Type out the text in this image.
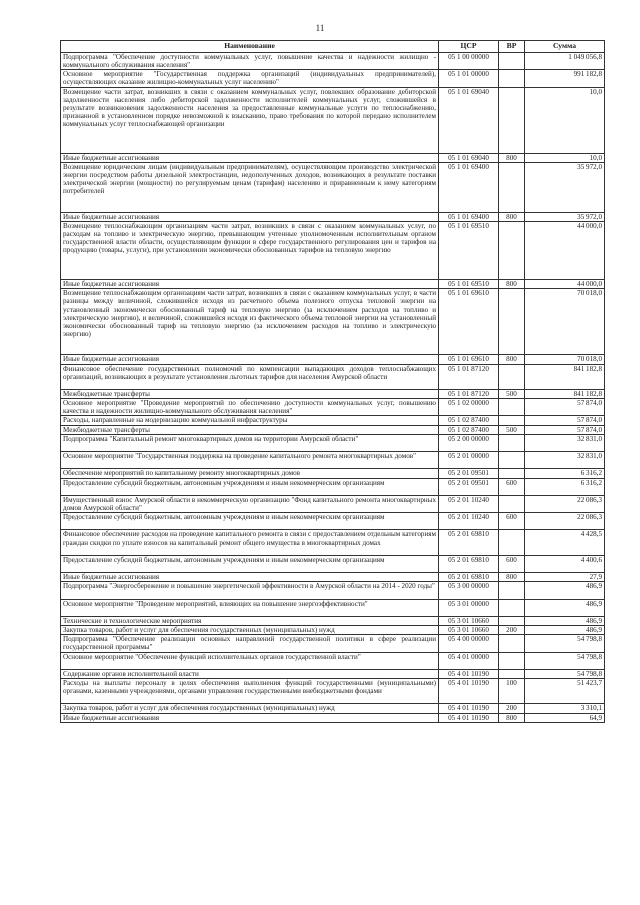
11
Наименование	ЦСР	ВР	Сумма
Подпрограмма "Обеспечение доступности коммунальных услуг, повышение качества и надежности жилищно - коммунального обслуживания населения"	05 1 00 00000		1 049 056,8
Основное мероприятие "Государственная поддержка организаций (индивидуальных предпринимателей), осуществляющих оказание жилищно-коммунальных услуг населению"	05 1 01 00000		991 182,8
Возмещение части затрат, возникших в связи с оказанием коммунальных услуг, повлекших образование дебиторской задолженности населения либо дебиторской задолженности исполнителей коммунальных услуг, сложившейся в результате возникновения задолженности населения за предоставленные коммунальные услуги по теплоснабжению, признанной в установленном порядке невозможной к взысканию, право требования по которой передано исполнителем коммунальных услуг теплоснабжающей организации	05 1 01 69040		10,0
Иные бюджетные ассигнования	05 1 01 69040	800	10,0
Возмещение юридическим лицам (индивидуальным предпринимателям), осуществляющим производство электрической энергии посредством работы дизельной электростанции, недополученных доходов, возникающих в результате поставки электрической энергии (мощности) по регулируемым ценам (тарифам) населению и приравненным к нему категориям потребителей	05 1 01 69400		35 972,0
Иные бюджетные ассигнования	05 1 01 69400	800	35 972,0
Возмещение теплоснабжающим организациям части затрат, возникших в связи с оказанием коммунальных услуг, по расходам на топливо и электрическую энергию, превышающим учтенные уполномоченным исполнительным органом государственной власти области, осуществляющим функции в сфере государственного регулирования цен и тарифов на продукцию (товары, услуги), при установлении экономически обоснованных тарифов на тепловую энергию	05 1 01 69510		44 000,0
Иные бюджетные ассигнования	05 1 01 69510	800	44 000,0
Возмещение теплоснабжающим организациям части затрат, возникших в связи с оказанием коммунальных услуг, в части разницы между величиной, сложившейся исходя из расчетного объема полезного отпуска тепловой энергии на установленный экономически обоснованный тариф на тепловую энергию (за исключением расходов на топливо и электрическую энергию), и величиной, сложившейся исходя из фактического объема тепловой энергии на установленный экономически обоснованный тариф на тепловую энергию (за исключением расходов на топливо и электрическую энергию)	05 1 01 69610		70 018,0
Иные бюджетные ассигнования	05 1 01 69610	800	70 018,0
Финансовое обеспечение государственных полномочий по компенсации выпадающих доходов теплоснабжающих организаций, возникающих в результате установления льготных тарифов для населения Амурской области	05 1 01 87120		841 182,8
Межбюджетные трансферты	05 1 01 87120	500	841 182,8
Основное мероприятие "Проведение мероприятий по обеспечению доступности коммунальных услуг, повышению качества и надежности жилищно-коммунального обслуживания населения"	05 1 02 00000		57 874,0
Расходы, направленные на модернизацию коммунальной инфраструктуры	05 1 02 87400		57 874,0
Межбюджетные трансферты	05 1 02 87400	500	57 874,0
Подпрограмма "Капитальный ремонт многоквартирных домов на территории Амурской области"	05 2 00 00000		32 831,0
Основное мероприятие "Государственная поддержка на проведение капитального ремонта многоквартирных домов"	05 2 01 00000		32 831,0
Обеспечение мероприятий по капитальному ремонту многоквартирных домов	05 2 01 09501		6 316,2
Предоставление субсидий бюджетным, автономным учреждениям и иным некоммерческим организациям	05 2 01 09501	600	6 316,2
Имущественный взнос Амурской области в некоммерческую организацию "Фонд капитального ремонта многоквартирных домов Амурской области"	05 2 01 10240		22 086,3
Предоставление субсидий бюджетным, автономным учреждениям и иным некоммерческим организациям	05 2 01 10240	600	22 086,3
Финансовое обеспечение расходов на проведение капитального ремонта в связи с предоставлением отдельным категориям граждан скидки по уплате взносов на капитальный ремонт общего имущества в многоквартирных домах	05 2 01 69810		4 428,5
Предоставление субсидий бюджетным, автономным учреждениям и иным некоммерческим организациям	05 2 01 69810	600	4 400,6
Иные бюджетные ассигнования	05 2 01 69810	800	27,9
Подпрограмма "Энергосбережение и повышение энергетической эффективности в Амурской области на 2014 - 2020 годы"	05 3 00 00000		486,9
Основное мероприятие "Проведение мероприятий, влияющих на повышение энергоэффективности"	05 3 01 00000		486,9
Технические и технологические мероприятия	05 3 01 10660		486,9
Закупка товаров, работ и услуг для обеспечения государственных (муниципальных) нужд	05 3 01 10660	200	486,9
Подпрограмма "Обеспечение реализации основных направлений государственной политики в сфере реализации государственной программы"	05 4 00 00000		54 798,8
Основное мероприятие "Обеспечение функций исполнительных органов государственной власти"	05 4 01 00000		54 798,8
Содержание органов исполнительной власти	05 4 01 10190		54 798,8
Расходы на выплаты персоналу в целях обеспечения выполнения функций государственными (муниципальными) органами, казенными учреждениями, органами управления государственными внебюджетными фондами	05 4 01 10190	100	51 423,7
Закупка товаров, работ и услуг для обеспечения государственных (муниципальных) нужд	05 4 01 10190	200	3 310,1
Иные бюджетные ассигнования	05 4 01 10190	800	64,9
